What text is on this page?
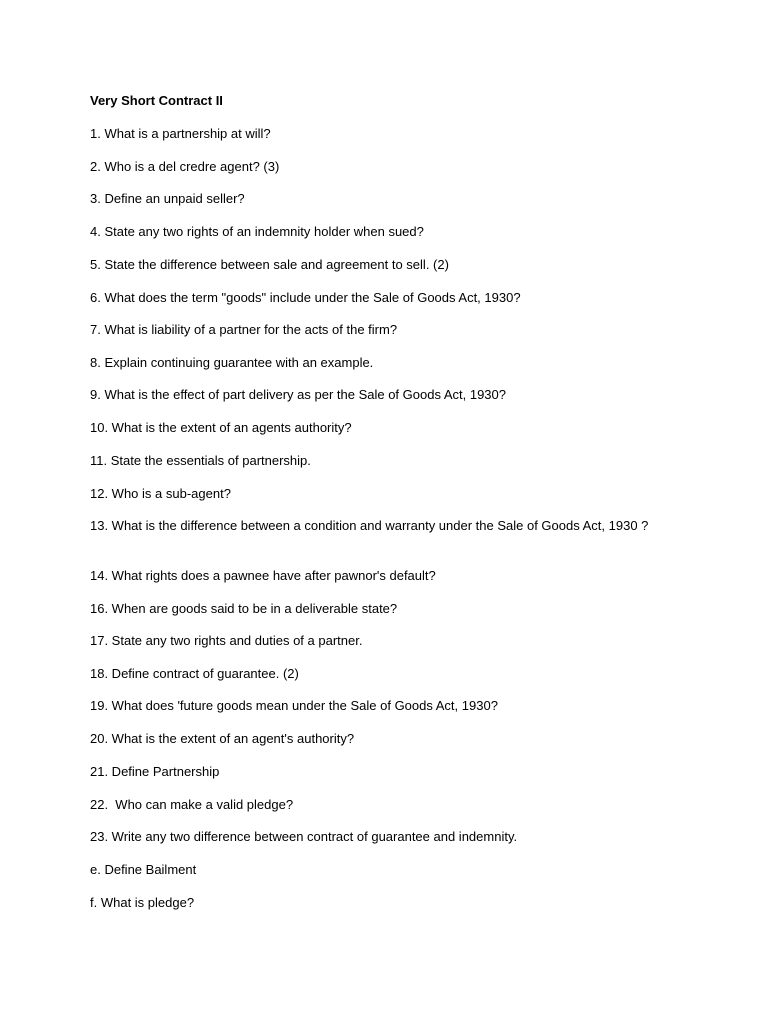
Very Short Contract II
1. What is a partnership at will?
2. Who is a del credre agent? (3)
3. Define an unpaid seller?
4. State any two rights of an indemnity holder when sued?
5. State the difference between sale and agreement to sell. (2)
6. What does the term "goods" include under the Sale of Goods Act, 1930?
7. What is liability of a partner for the acts of the firm?
8. Explain continuing guarantee with an example.
9. What is the effect of part delivery as per the Sale of Goods Act, 1930?
10. What is the extent of an agents authority?
11. State the essentials of partnership.
12. Who is a sub-agent?
13. What is the difference between a condition and warranty under the Sale of Goods Act, 1930 ?
14. What rights does a pawnee have after pawnor's default?
16. When are goods said to be in a deliverable state?
17. State any two rights and duties of a partner.
18. Define contract of guarantee. (2)
19. What does 'future goods mean under the Sale of Goods Act, 1930?
20. What is the extent of an agent's authority?
21. Define Partnership
22.  Who can make a valid pledge?
23. Write any two difference between contract of guarantee and indemnity.
e. Define Bailment
f. What is pledge?
